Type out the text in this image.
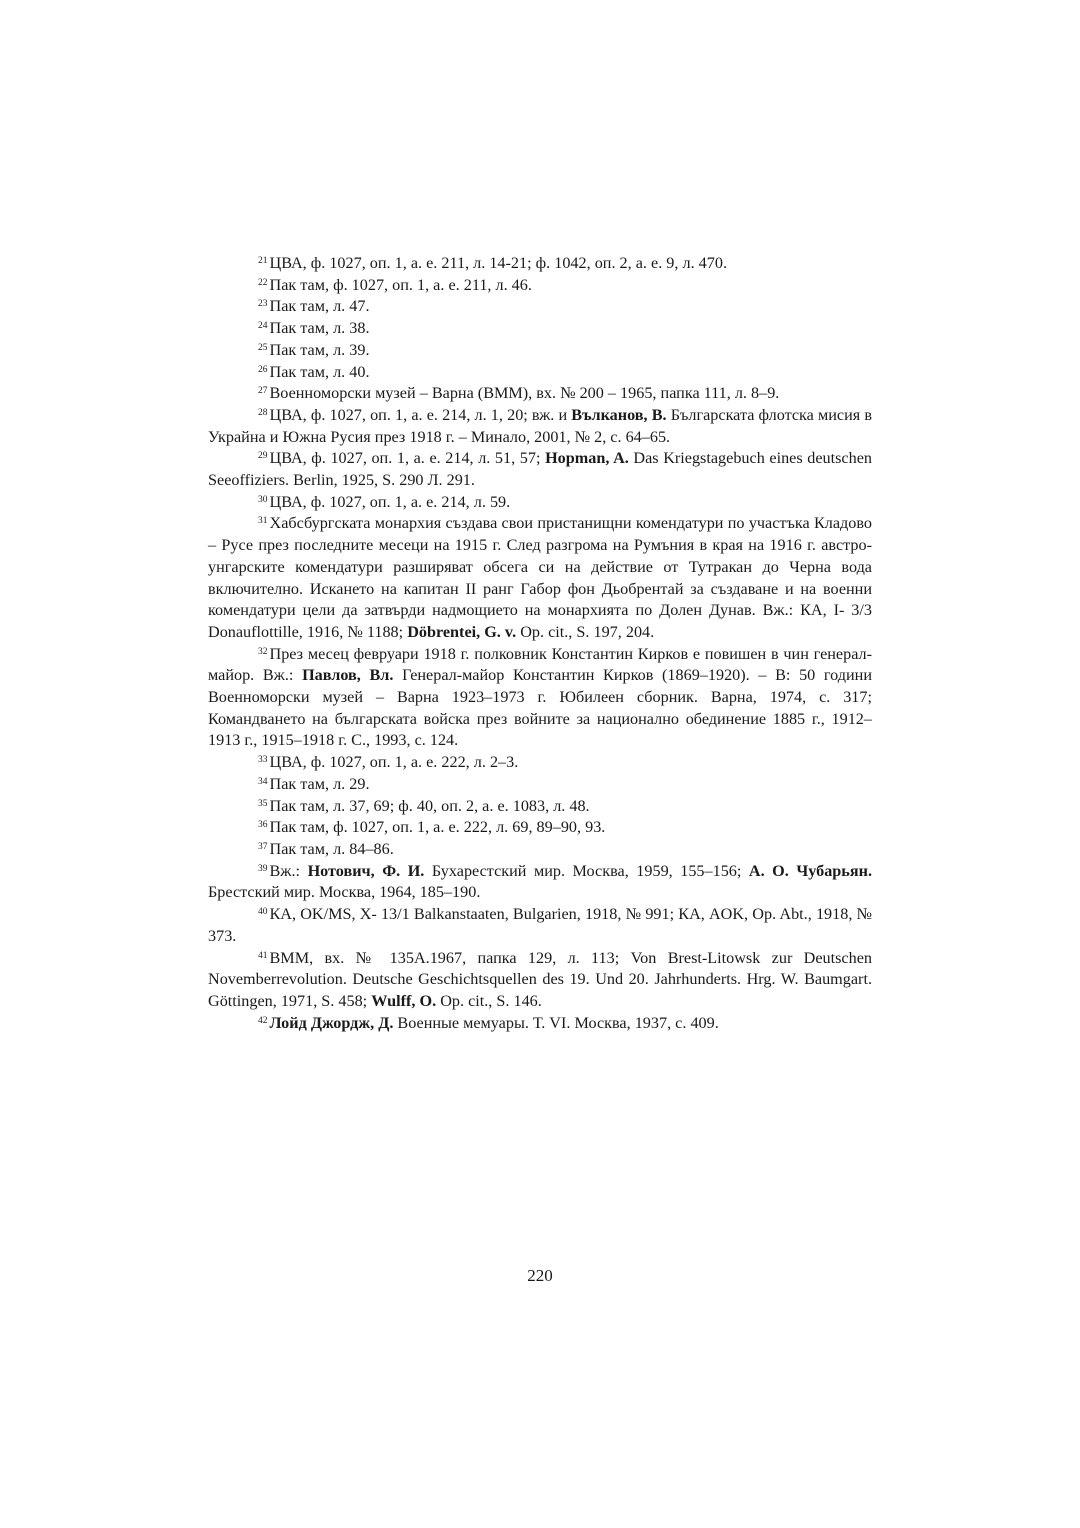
$^{21}$ ЦВА, ф. 1027, оп. 1, а. е. 211, л. 14-21; ф. 1042, оп. 2, а. е. 9, л. 470.

$^{22}$ Пак там, ф. 1027, оп. 1, а. е. 211, л. 46.

$^{23}$ Пак там, л. 47.

$^{24}$ Пак там, л. 38.

$^{25}$ Пак там, л. 39.

$^{26}$ Пак там, л. 40.

$^{27}$ Военноморски музей – Варна (ВММ), вх. № 200 – 1965, папка 111, л. 8–9.

$^{28}$ ЦВА, ф. 1027, оп. 1, а. е. 214, л. 1, 20; вж. и Вълканов, В. Българската флотска мисия в Украйна и Южна Русия през 1918 г. – Минало, 2001, № 2, с. 64–65.

$^{29}$ ЦВА, ф. 1027, оп. 1, а. е. 214, л. 51, 57; Hopman, A. Das Kriegstagebuch eines deutschen Seeoffiziers. Berlin, 1925, S. 290 Л. 291.

$^{30}$ ЦВА, ф. 1027, оп. 1, а. е. 214, л. 59.

$^{31}$ Хабсбургската монархия създава свои пристанищни комендатури по участъка Кладово – Русе през последните месеци на 1915 г. След разгрома на Румъния в края на 1916 г. австро-унгарските комендатури разширяват обсега си на действие от Тутракан до Черна вода включително. Искането на капитан II ранг Габор фон Дьобрентай за създаване и на военни комендатури цели да затвърди надмощието на монархията по Долен Дунав. Вж.: КА, I- 3/3 Donauflottille, 1916, № 1188; Döbrentei, G. v. Op. cit., S. 197, 204.

$^{32}$ През месец февруари 1918 г. полковник Константин Кирков е повишен в чин генерал-майор. Вж.: Павлов, Вл. Генерал-майор Константин Кирков (1869–1920). – В: 50 години Военноморски музей – Варна 1923–1973 г. Юбилеен сборник. Варна, 1974, с. 317; Командването на българската войска през войните за национално обединение 1885 г., 1912–1913 г., 1915–1918 г. С., 1993, с. 124.

$^{33}$ ЦВА, ф. 1027, оп. 1, а. е. 222, л. 2–3.

$^{34}$ Пак там, л. 29.

$^{35}$ Пак там, л. 37, 69; ф. 40, оп. 2, а. е. 1083, л. 48.

$^{36}$ Пак там, ф. 1027, оп. 1, а. е. 222, л. 69, 89–90, 93.

$^{37}$ Пак там, л. 84–86.

$^{39}$ Вж.: Нотович, Ф. И. Бухарестский мир. Москва, 1959, 155–156; А. О. Чубарьян. Брестский мир. Москва, 1964, 185–190.

$^{40}$ КА, OK/MS, X- 13/1 Balkanstaaten, Bulgarien, 1918, № 991; КА, AOK, Op. Abt., 1918, № 373.

$^{41}$ ВММ, вх. № 135А.1967, папка 129, л. 113; Von Brest-Litowsk zur Deutschen Novemberrevolution. Deutsche Geschichtsquellen des 19. Und 20. Jahrhunderts. Hrg. W. Baumgart. Göttingen, 1971, S. 458; Wulff, O. Op. cit., S. 146.

$^{42}$ Лойд Джордж, Д. Военные мемуары. Т. VI. Москва, 1937, с. 409.

220
